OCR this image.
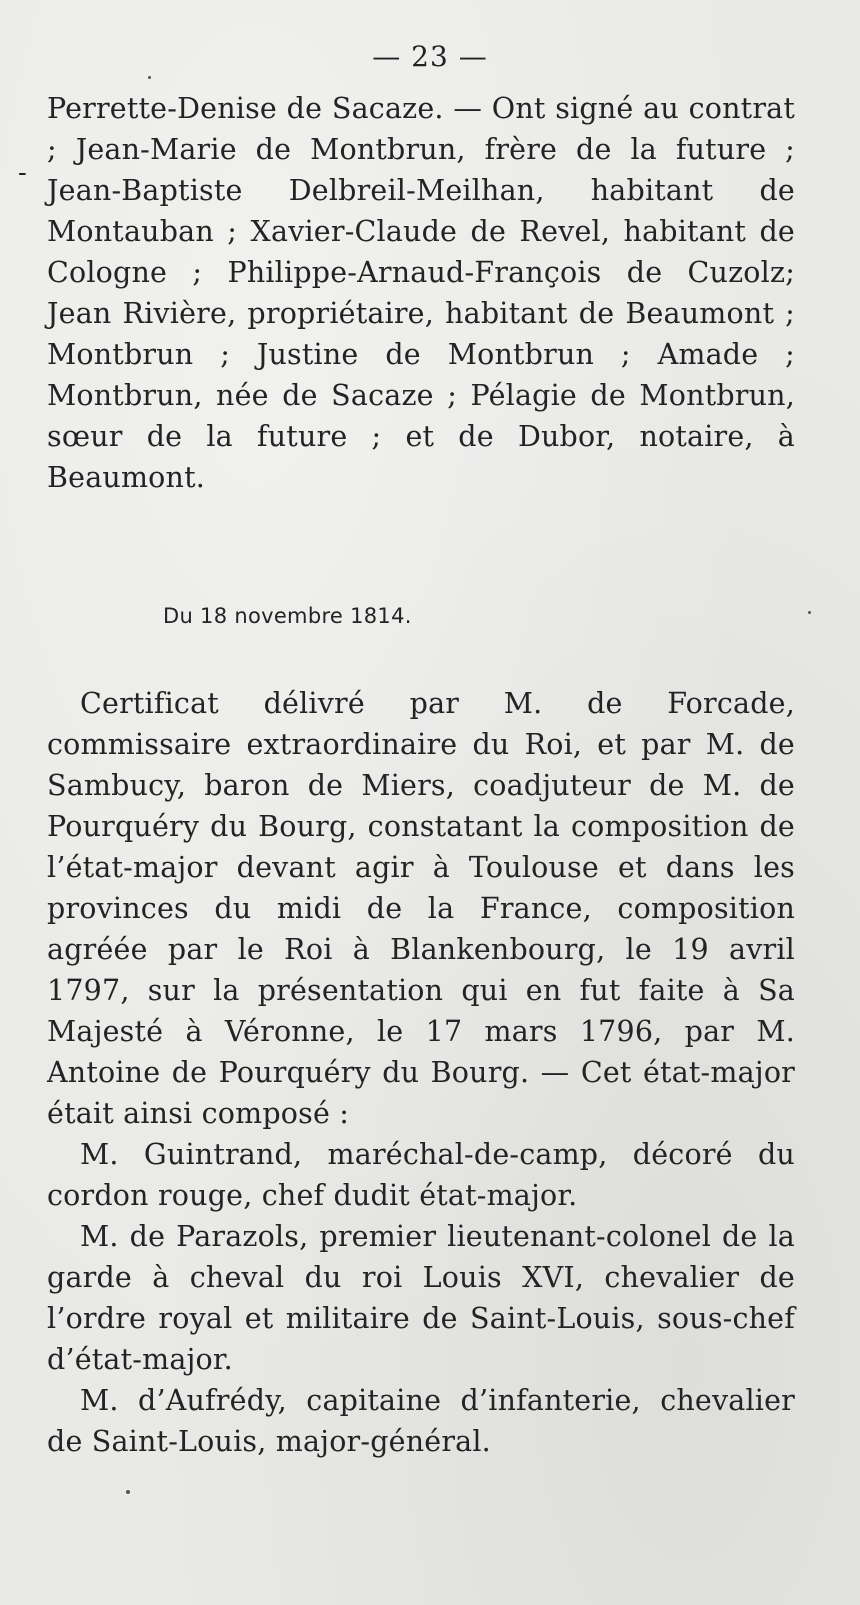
— 23 —
-

Perrette-Denise de Sacaze. — Ont signé au contrat ; Jean-Marie de Montbrun, frère de la future ; Jean-Baptiste Delbreil-Meilhan, habitant de Montauban ; Xavier-Claude de Revel, habitant de Cologne ; Philippe-Arnaud-François de Cuzolz; Jean Rivière, propriétaire, habitant de Beaumont ; Montbrun ; Justine de Montbrun ; Amade ; Montbrun, née de Sacaze ; Pélagie de Montbrun, sœur de la future ; et de Dubor, notaire, à Beaumont.

Du 18 novembre 1814.

Certificat délivré par M. de Forcade, commissaire extraordinaire du Roi, et par M. de Sambucy, baron de Miers, coadjuteur de M. de Pourquéry du Bourg, constatant la composition de l’état-major devant agir à Toulouse et dans les provinces du midi de la France, composition agréée par le Roi à Blankenbourg, le 19 avril 1797, sur la présentation qui en fut faite à Sa Majesté à Véronne, le 17 mars 1796, par M. Antoine de Pourquéry du Bourg. — Cet état-major était ainsi composé :

M. Guintrand, maréchal-de-camp, décoré du cordon rouge, chef dudit état-major.

M. de Parazols, premier lieutenant-colonel de la garde à cheval du roi Louis XVI, chevalier de l’ordre royal et militaire de Saint-Louis, sous-chef d’état-major.

M. d’Aufrédy, capitaine d’infanterie, chevalier de Saint-Louis, major-général.
